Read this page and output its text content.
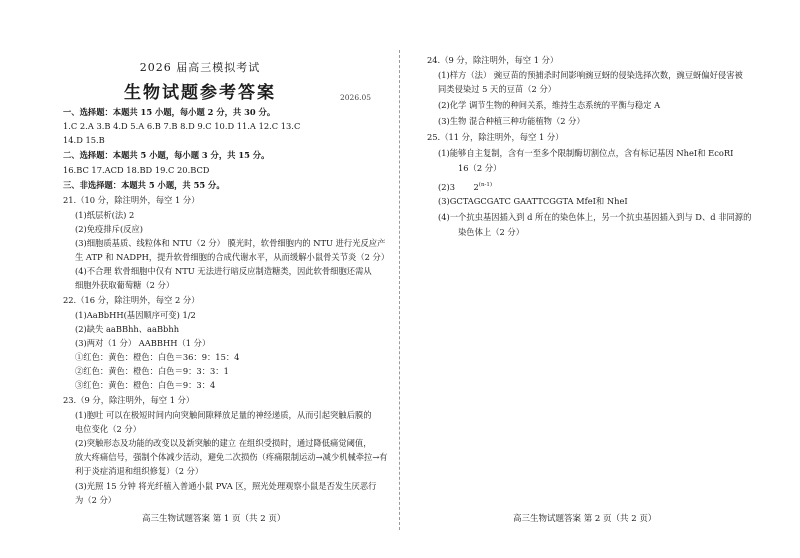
2026 届高三模拟考试
生物试题参考答案	2026.05
一、选择题：本题共 15 小题，每小题 2 分，共 30 分。
1.C 2.A 3.B 4.D 5.A 6.B 7.B 8.D 9.C 10.D 11.A 12.C 13.C
14.D 15.B
二、选择题：本题共 5 小题，每小题 3 分，共 15 分。
16.BC 17.ACD 18.BD 19.C 20.BCD
三、非选择题：本题共 5 小题，共 55 分。
21.（10 分，除注明外，每空 1 分）
(1)纸层析(法) 2
(2)免疫排斥(反应)
(3)细胞质基质、线粒体和 NTU（2 分） 膜光时，软骨细胞内的 NTU 进行光反应产
生 ATP 和 NADPH，提升软骨细胞的合成代谢水平，从而缓解小鼠骨关节炎（2 分）
(4)不合理 软骨细胞中仅有 NTU 无法进行暗反应制造糖类，因此软骨细胞还需从
细胞外获取葡萄糖（2 分）
22.（16 分，除注明外，每空 2 分）
(1)AaBbHH(基因顺序可变) 1/2
(2)缺失 aaBBhh、aaBbhh
(3)两对（1 分） AABBHH（1 分）
①红色：黄色：橙色：白色＝36：9：15：4
②红色：黄色：橙色：白色＝9：3：3：1
③红色：黄色：橙色：白色＝9：3：4
23.（9 分，除注明外，每空 1 分）
(1)胞吐 可以在极短时间内向突触间隙释放足量的神经递质，从而引起突触后膜的
电位变化（2 分）
(2)突触形态及功能的改变以及新突触的建立 在组织受损时，通过降低痛觉阈值，
放大疼痛信号，强制个体减少活动，避免二次损伤（疼痛限制运动→减少机械牵拉→有
利于炎症消退和组织修复）（2 分）
(3)光照 15 分钟 将光纤植入普通小鼠 PVA 区，照光处理观察小鼠是否发生厌恶行
为（2 分）
高三生物试题答案 第 1 页（共 2 页）
24.（9 分，除注明外，每空 1 分）
(1)样方（法） 豌豆苗的预捕杀时间影响豌豆蚜的侵染选择次数，豌豆蚜偏好侵害被
同类侵染过 5 天的豆苗（2 分）
(2)化学 调节生物的种间关系，维持生态系统的平衡与稳定 A
(3)生物 混合种植三种功能植物（2 分）
25.（11 分，除注明外，每空 1 分）
(1)能够自主复制，含有一至多个限制酶切割位点，含有标记基因 NheⅠ和 EcoRⅠ
16（2 分）
(2)3 2$^{(n-1)}$
(3)GCTAGCGATC GAATTCGGTA MfeⅠ和 NheⅠ
(4)一个抗虫基因插入到 d 所在的染色体上，另一个抗虫基因插入到与 D、d 非同源的
染色体上（2 分）
高三生物试题答案 第 2 页（共 2 页）
